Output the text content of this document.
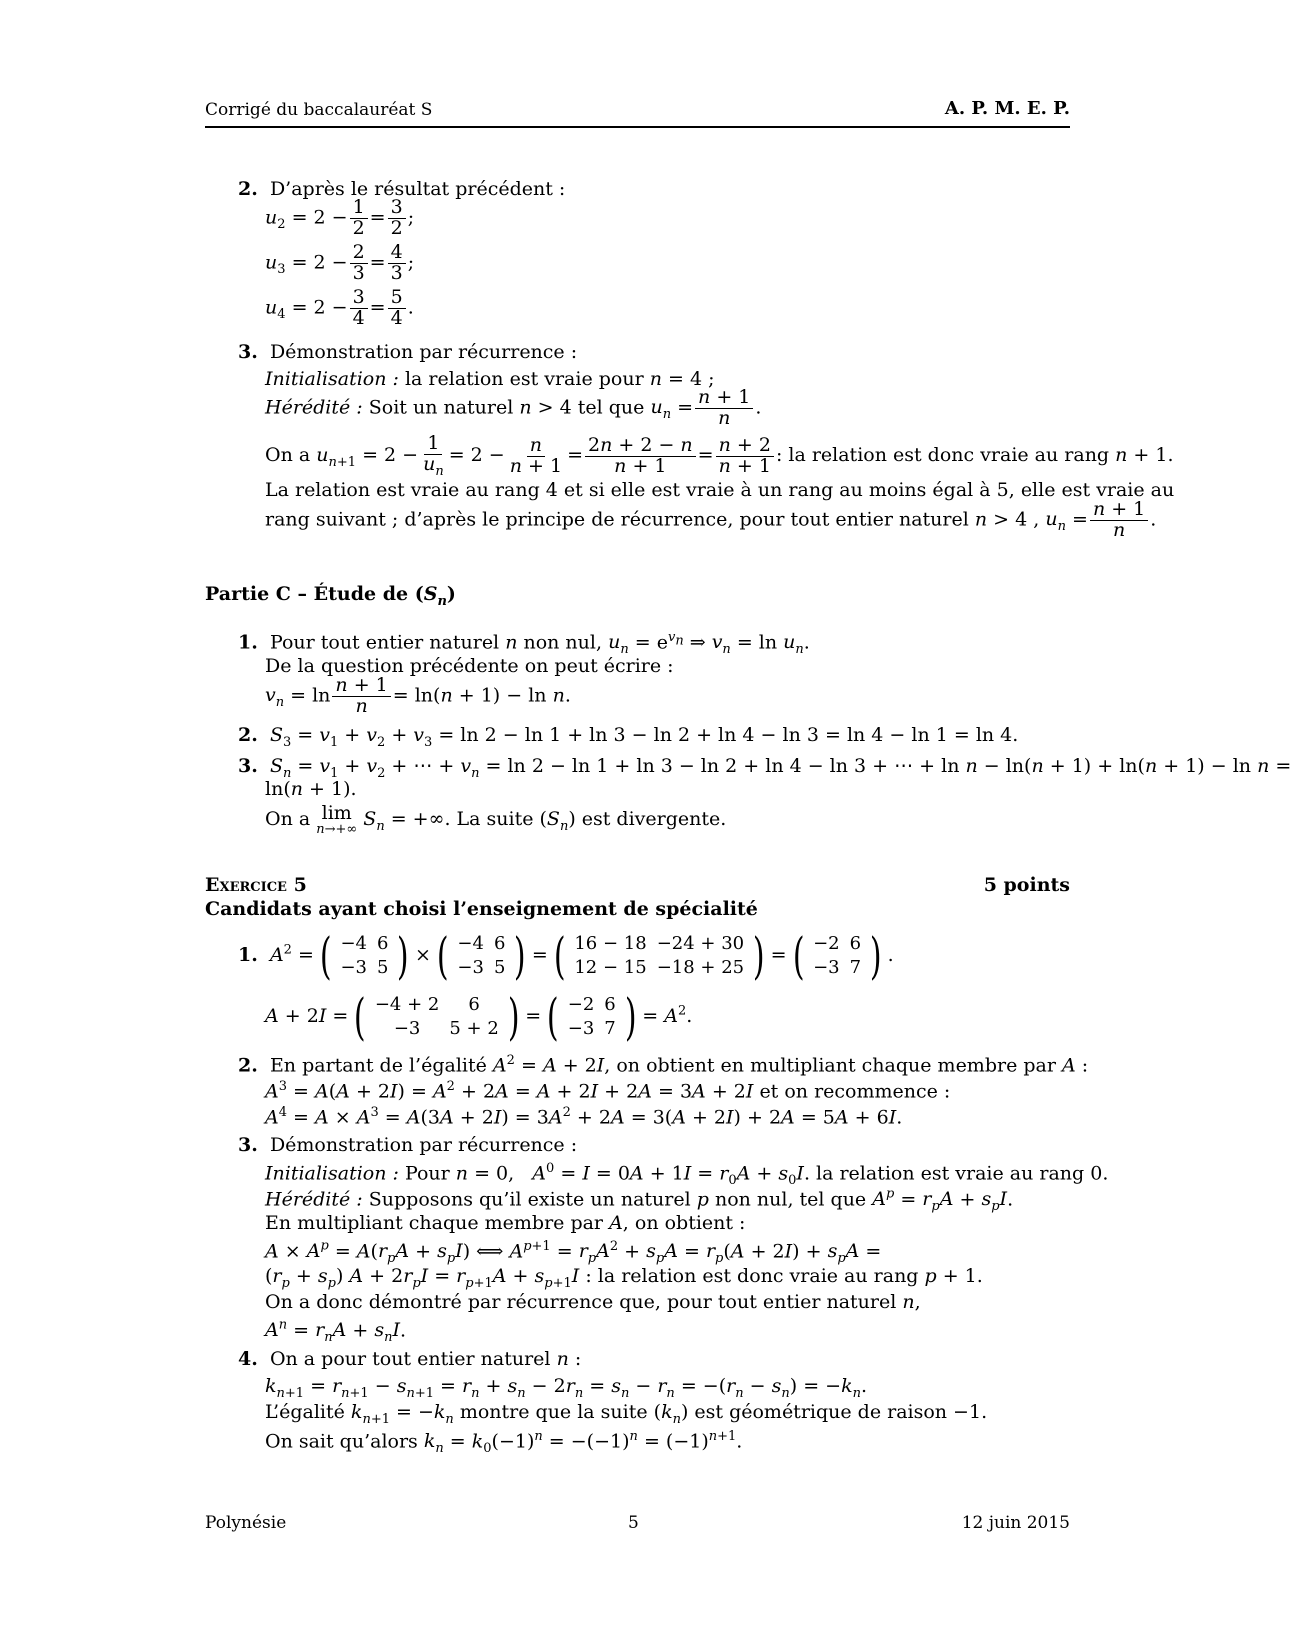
Corrigé du baccalauréat S	A. P. M. E. P.
2. D’après le résultat précédent :
$u_2 = 2 - \frac{1}{2} = \frac{3}{2}$ ;
$u_3 = 2 - \frac{2}{3} = \frac{4}{3}$ ;
$u_4 = 2 - \frac{3}{4} = \frac{5}{4}$ .
3. Démonstration par récurrence :
Initialisation : la relation est vraie pour n = 4 ;
Hérédité : Soit un naturel n > 4 tel que $u_n = \frac{n + 1}{n}$ .
On a $u_{n+1} = 2 - \frac{1}{u_n} = 2 - \frac{n}{n + 1} = \frac{2n + 2 - n}{n + 1} = \frac{n + 2}{n + 1}$ : la relation est donc vraie au rang n + 1.
La relation est vraie au rang 4 et si elle est vraie à un rang au moins égal à 5, elle est vraie au
rang suivant ; d’après le principe de récurrence, pour tout entier naturel n > 4 , $u_n = \frac{n + 1}{n}$ .
Partie C – Étude de $(S_n)$
1. Pour tout entier naturel n non nul, $u_n = e^{v_n}$ ⇒ $v_n = \ln u_n$.
De la question précédente on peut écrire :
$v_n = \ln \frac{n + 1}{n} = \ln(n + 1) - \ln n$.
2. $S_3 = v_1 + v_2 + v_3 = \ln 2 - \ln 1 + \ln 3 - \ln 2 + \ln 4 - \ln 3 = \ln 4 - \ln 1 = \ln 4$.
3. $S_n = v_1 + v_2$ + ⋯ + $v_n = \ln 2 - \ln 1 + \ln 3 - \ln 2 + \ln 4 - \ln 3$ + ⋯ + ln n − ln(n + 1) + ln(n + 1) − ln n =
ln(n + 1).
On a lim
n→+∞ $S_n$ = +∞. La suite $(S_n)$ est divergente.
Exercice 5	5 points
Candidats ayant choisi l’enseignement de spécialité
1. $A^2$ = ( −4	6
−3	5 ) × ( −4	6
−3	5 ) = ( 16 − 18	−24 + 30
12 − 15	−18 + 25 ) = ( −2	6
−3	7 ) .
A + 2I = ( −4 + 2	6
−3	5 + 2 ) = ( −2	6
−3	7 ) = $A^2$.
2. En partant de l’égalité $A^2 = A + 2I$, on obtient en multipliant chaque membre par A :
$A^3 = A(A + 2I) = A^2 + 2A = A + 2I + 2A = 3A + 2I$ et on recommence :
$A^4 = A \times A^3 = A(3A + 2I) = 3A^2 + 2A = 3(A + 2I) + 2A = 5A + 6I$.
3. Démonstration par récurrence :
Initialisation : Pour n = 0,   $A^0 = I = 0A + 1I = r_0A + s_0I$. la relation est vraie au rang 0.
Hérédité : Supposons qu’il existe un naturel p non nul, tel que $A^p = r_pA + s_pI$.
En multipliant chaque membre par A, on obtient :
$A \times A^p = A(r_pA + s_pI)$ ⟺ $A^{p+1} = r_pA^2 + s_pA = r_p(A + 2I) + s_pA$ =
$(r_p + s_p) A + 2r_pI = r_{p+1}A + s_{p+1}I$ : la relation est donc vraie au rang p + 1.
On a donc démontré par récurrence que, pour tout entier naturel n,
$A^n = r_nA + s_nI$.
4. On a pour tout entier naturel n :
$k_{n+1} = r_{n+1} - s_{n+1} = r_n + s_n - 2r_n = s_n - r_n = -(r_n - s_n) = -k_n$.
L’égalité $k_{n+1} = -k_n$ montre que la suite $(k_n)$ est géométrique de raison −1.
On sait qu’alors $k_n = k_0(-1)^n = -(-1)^n = (-1)^{n+1}$.
Polynésie	5	12 juin 2015
